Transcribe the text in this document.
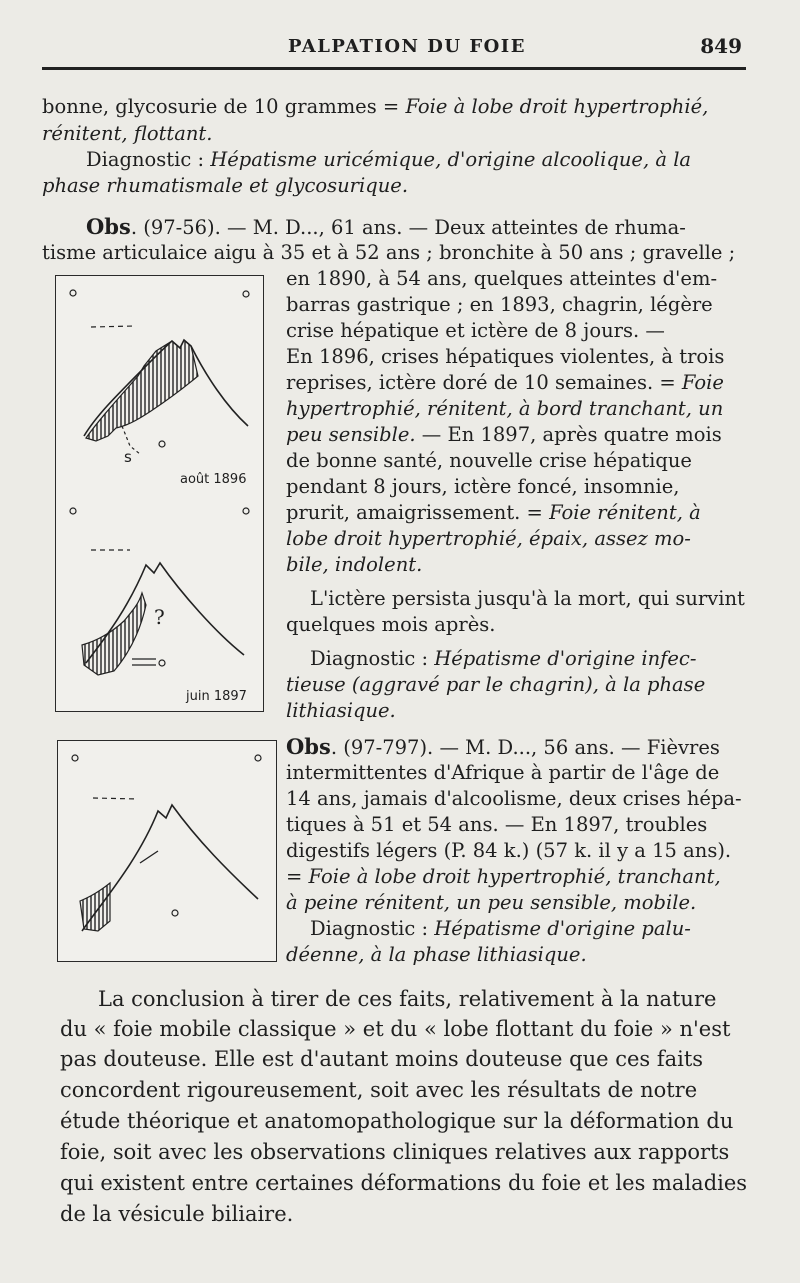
PALPATION DU FOIE	849
bonne, glycosurie de 10 grammes = Foie à lobe droit hypertrophié,
rénitent, flottant.
Diagnostic : Hépatisme uricémique, d'origine alcoolique, à la
phase rhumatismale et glycosurique.
Obs. (97-56). — M. D..., 61 ans. — Deux atteintes de rhuma-
tisme articulaice aigu à 35 et à 52 ans ; bronchite à 50 ans ; gravelle ;
en 1890, à 54 ans, quelques atteintes d'em-
barras gastrique ; en 1893, chagrin, légère
crise hépatique et ictère de 8 jours. —
En 1896, crises hépatiques violentes, à trois
reprises, ictère doré de 10 semaines. = Foie
hypertrophié, rénitent, à bord tranchant, un
peu sensible. — En 1897, après quatre mois
de bonne santé, nouvelle crise hépatique
pendant 8 jours, ictère foncé, insomnie,
prurit, amaigrissement. = Foie rénitent, à
lobe droit hypertrophié, épaix, assez mo-
bile, indolent.
L'ictère persista jusqu'à la mort, qui survint
quelques mois après.
Diagnostic : Hépatisme d'origine infec-
tieuse (aggravé par le chagrin), à la phase
lithiasique.
s
août 1896
?
juin 1897
Obs. (97-797). — M. D..., 56 ans. — Fièvres
intermittentes d'Afrique à partir de l'âge de
14 ans, jamais d'alcoolisme, deux crises hépa-
tiques à 51 et 54 ans. — En 1897, troubles
digestifs légers (P. 84 k.) (57 k. il y a 15 ans).
= Foie à lobe droit hypertrophié, tranchant,
à peine rénitent, un peu sensible, mobile.
Diagnostic : Hépatisme d'origine palu-
déenne, à la phase lithiasique.
La conclusion à tirer de ces faits, relativement à la nature
du « foie mobile classique » et du « lobe flottant du foie » n'est
pas douteuse. Elle est d'autant moins douteuse que ces faits
concordent rigoureusement, soit avec les résultats de notre
étude théorique et anatomopathologique sur la déformation du
foie, soit avec les observations cliniques relatives aux rapports
qui existent entre certaines déformations du foie et les maladies
de la vésicule biliaire.
